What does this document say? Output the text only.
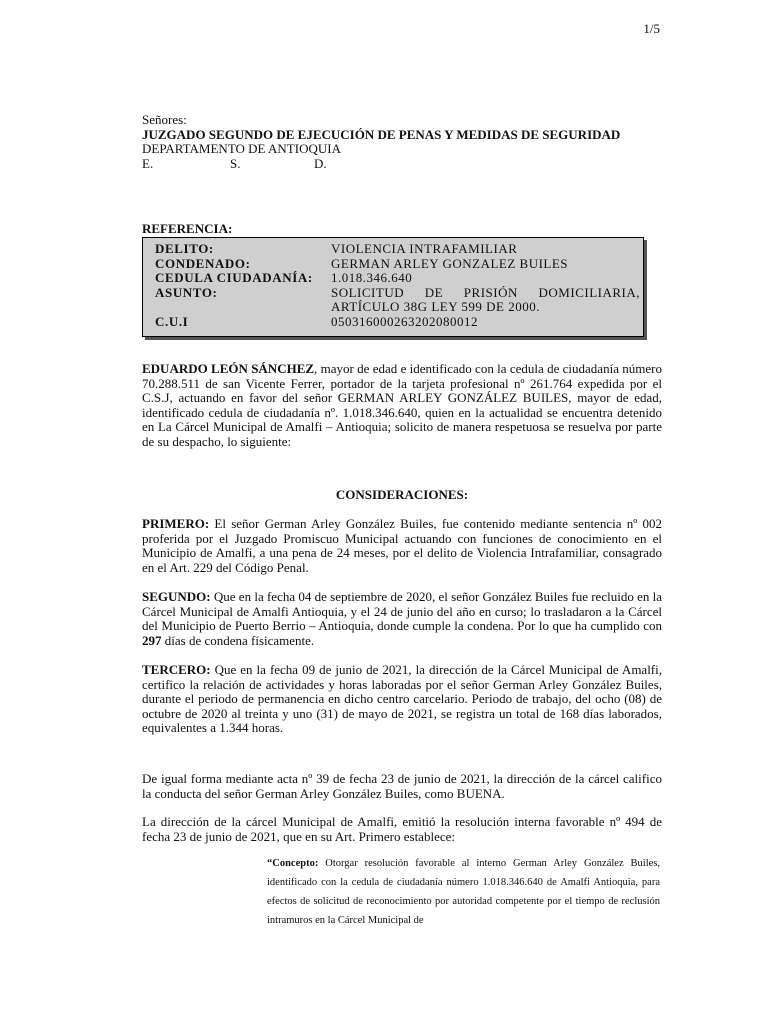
1/5
Señores:
JUZGADO SEGUNDO DE EJECUCIÓN DE PENAS Y MEDIDAS DE SEGURIDAD
DEPARTAMENTO DE ANTIOQUIA
E.	S.	D.
REFERENCIA:
DELITO:	VIOLENCIA INTRAFAMILIAR
CONDENADO:	GERMAN ARLEY GONZALEZ BUILES
CEDULA CIUDADANÍA:	1.018.346.640
ASUNTO:	SOLICITUD DE PRISIÓN DOMICILIARIA, ARTÍCULO 38G LEY 599 DE 2000.
C.U.I	05031600026320208001​2
EDUARDO LEÓN SÁNCHEZ, mayor de edad e identificado con la cedula de ciudadanía número 70.288.511 de san Vicente Ferrer, portador de la tarjeta profesional nº 261.764 expedida por el C.S.J, actuando en favor del señor GERMAN ARLEY GONZÁLEZ BUILES, mayor de edad, identificado cedula de ciudadanía nº. 1.018.346.640, quien en la actualidad se encuentra detenido en La Cárcel Municipal de Amalfi – Antioquia; solicito de manera respetuosa se resuelva por parte de su despacho, lo siguiente:
CONSIDERACIONES:
PRIMERO: El señor German Arley González Builes, fue contenido mediante sentencia nº 002 proferida por el Juzgado Promiscuo Municipal actuando con funciones de conocimiento en el Municipio de Amalfi, a una pena de 24 meses, por el delito de Violencia Intrafamiliar, consagrado en el Art. 229 del Código Penal.
SEGUNDO: Que en la fecha 04 de septiembre de 2020, el señor González Builes fue recluido en la Cárcel Municipal de Amalfi Antioquia, y el 24 de junio del año en curso; lo trasladaron a la Cárcel del Municipio de Puerto Berrio – Antioquia, donde cumple la condena. Por lo que ha cumplido con 297 días de condena físicamente.
TERCERO: Que en la fecha 09 de junio de 2021, la dirección de la Cárcel Municipal de Amalfi, certifico la relación de actividades y horas laboradas por el señor German Arley González Builes, durante el periodo de permanencia en dicho centro carcelario. Periodo de trabajo, del ocho (08) de octubre de 2020 al treinta y uno (31) de mayo de 2021, se registra un total de 168 días laborados, equivalentes a 1.344 horas.
De igual forma mediante acta nº 39 de fecha 23 de junio de 2021, la dirección de la cárcel califico la conducta del señor German Arley González Builes, como BUENA.
La dirección de la cárcel Municipal de Amalfi, emitió la resolución interna favorable nº 494 de fecha 23 de junio de 2021, que en su Art. Primero establece:
“Concepto: Otorgar resolución favorable al interno German Arley González Builes, identificado con la cedula de ciudadanía número 1.018.346.640 de Amalfi Antioquia, para efectos de solicitud de reconocimiento por autoridad competente por el tiempo de reclusión intramuros en la Cárcel Municipal de
